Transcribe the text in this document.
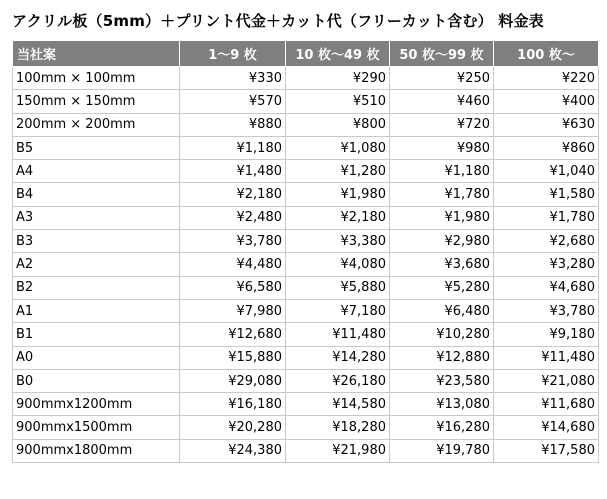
アクリル板（5mm）＋プリント代金＋カット代（フリーカット含む） 料金表
当社案	1〜9 枚	10 枚〜49 枚	50 枚〜99 枚	100 枚〜
100mm × 100mm	¥330	¥290	¥250	¥220
150mm × 150mm	¥570	¥510	¥460	¥400
200mm × 200mm	¥880	¥800	¥720	¥630
B5	¥1,180	¥1,080	¥980	¥860
A4	¥1,480	¥1,280	¥1,180	¥1,040
B4	¥2,180	¥1,980	¥1,780	¥1,580
A3	¥2,480	¥2,180	¥1,980	¥1,780
B3	¥3,780	¥3,380	¥2,980	¥2,680
A2	¥4,480	¥4,080	¥3,680	¥3,280
B2	¥6,580	¥5,880	¥5,280	¥4,680
A1	¥7,980	¥7,180	¥6,480	¥3,780
B1	¥12,680	¥11,480	¥10,280	¥9,180
A0	¥15,880	¥14,280	¥12,880	¥11,480
B0	¥29,080	¥26,180	¥23,580	¥21,080
900mmx1200mm	¥16,180	¥14,580	¥13,080	¥11,680
900mmx1500mm	¥20,280	¥18,280	¥16,280	¥14,680
900mmx1800mm	¥24,380	¥21,980	¥19,780	¥17,580
